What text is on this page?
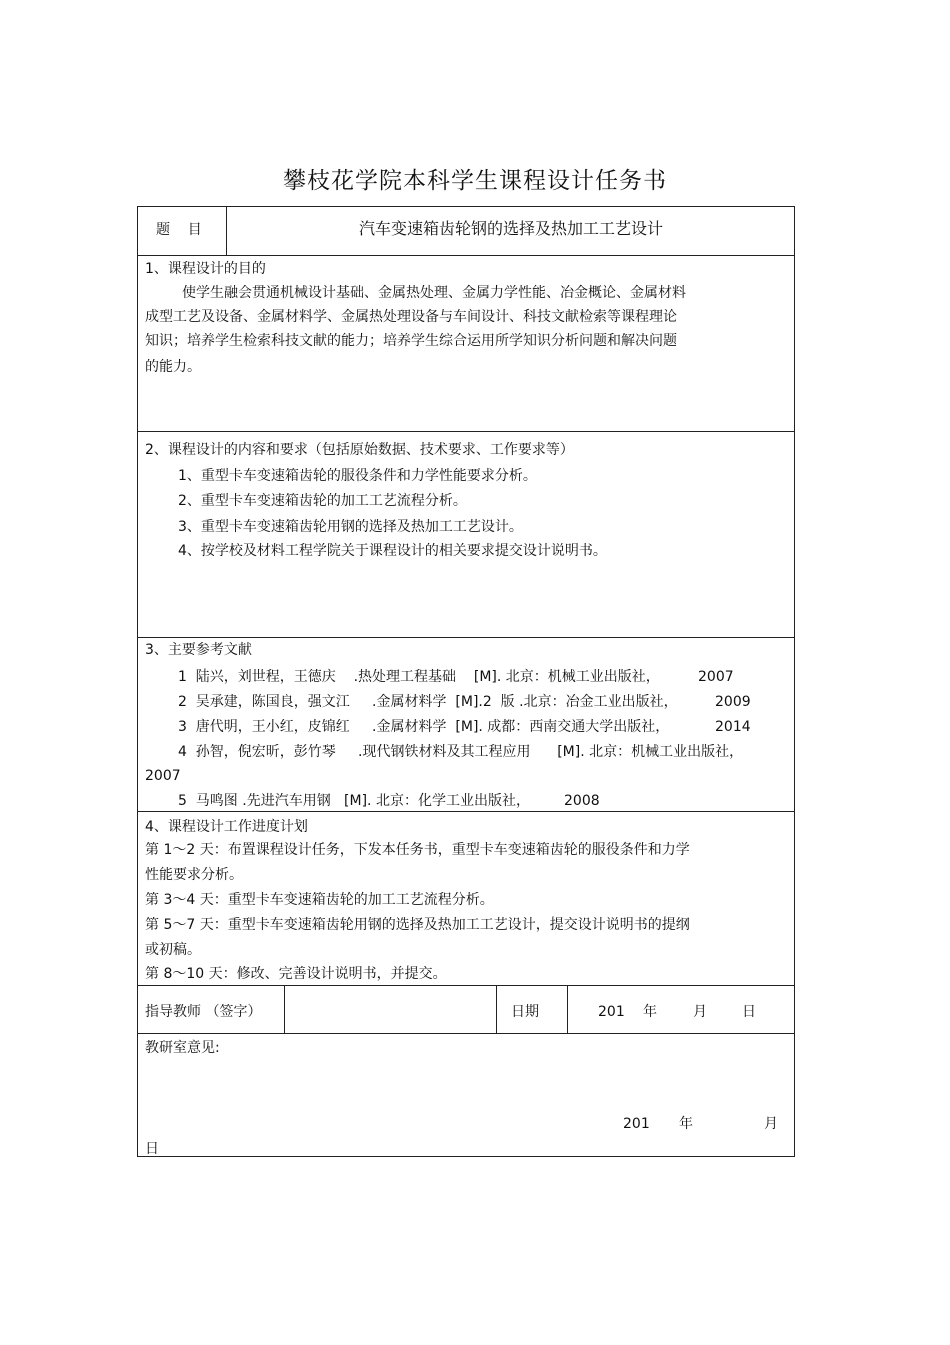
攀枝花学院本科学生课程设计任务书
题    目	汽车变速箱齿轮钢的选择及热加工工艺设计
1、课程设计的目的
使学生融会贯通机械设计基础、金属热处理、金属力学性能、冶金概论、金属材料
成型工艺及设备、金属材料学、金属热处理设备与车间设计、科技文献检索等课程理论
知识；培养学生检索科技文献的能力；培养学生综合运用所学知识分析问题和解决问题
的能力。
2、课程设计的内容和要求（包括原始数据、技术要求、工作要求等）
1、重型卡车变速箱齿轮的服役条件和力学性能要求分析。
2、重型卡车变速箱齿轮的加工工艺流程分析。
3、重型卡车变速箱齿轮用钢的选择及热加工工艺设计。
4、按学校及材料工程学院关于课程设计的相关要求提交设计说明书。
3、主要参考文献
1  陆兴，刘世程，王德庆    .热处理工程基础    [M]. 北京：机械工业出版社，	2007
2  吴承建，陈国良，强文江     .金属材料学  [M].2  版 .北京：冶金工业出版社，	2009
3  唐代明，王小红，皮锦红     .金属材料学  [M]. 成都：西南交通大学出版社，	2014
4  孙智，倪宏昕，彭竹琴     .现代钢铁材料及其工程应用      [M]. 北京：机械工业出版社，
2007
5  马鸣图 .先进汽车用钢   [M]. 北京：化学工业出版社， 2008
4、课程设计工作进度计划
第 1～2 天：布置课程设计任务，下发本任务书，重型卡车变速箱齿轮的服役条件和力学
性能要求分析。
第 3～4 天：重型卡车变速箱齿轮的加工工艺流程分析。
第 5～7 天：重型卡车变速箱齿轮用钢的选择及热加工工艺设计，提交设计说明书的提纲
或初稿。
第 8～10 天：修改、完善设计说明书，并提交。
指导教师 （签字）	日期	201 年	月	日
教研室意见:
201 年	月
日
